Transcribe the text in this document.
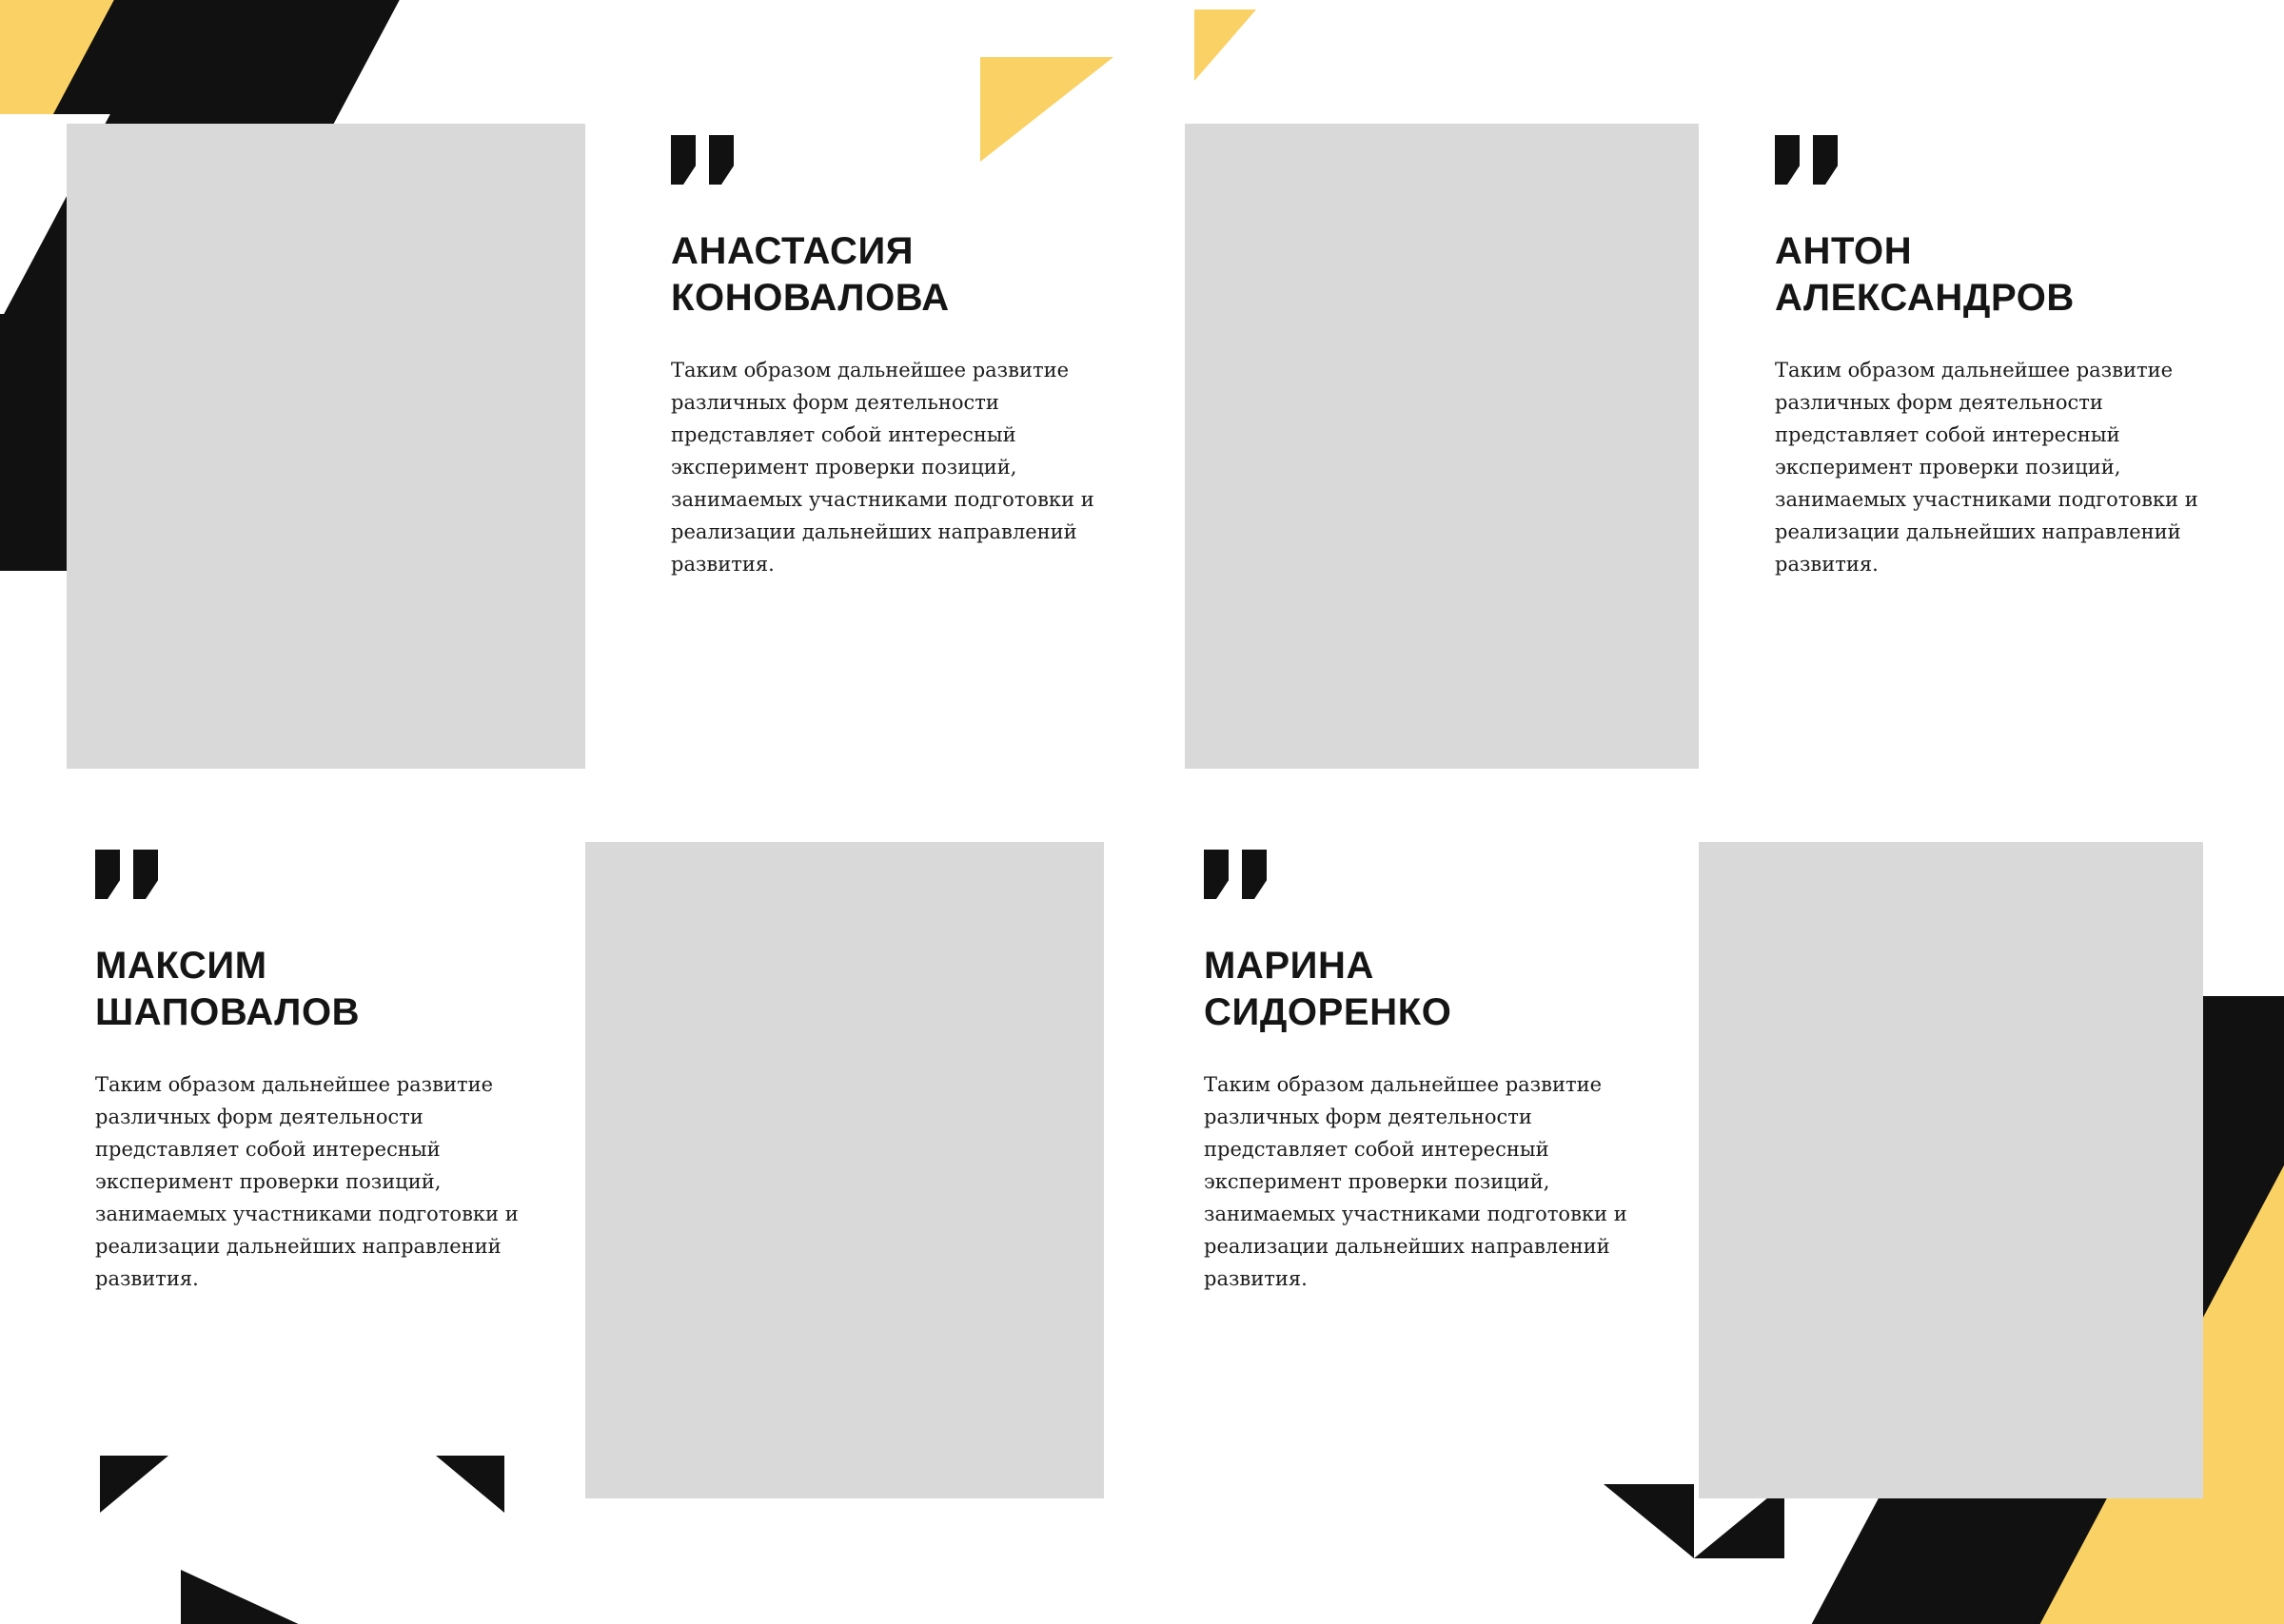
АНАСТАСИЯ
КОНОВАЛОВА

Таким образом дальнейшее развитие различных форм деятельности представляет собой интересный эксперимент проверки позиций, занимаемых участниками подготовки и реализации дальнейших направлений развития.

АНТОН
АЛЕКСАНДРОВ

Таким образом дальнейшее развитие различных форм деятельности представляет собой интересный эксперимент проверки позиций, занимаемых участниками подготовки и реализации дальнейших направлений развития.

МАКСИМ
ШАПОВАЛОВ

Таким образом дальнейшее развитие различных форм деятельности представляет собой интересный эксперимент проверки позиций, занимаемых участниками подготовки и реализации дальнейших направлений развития.

МАРИНА
СИДОРЕНКО

Таким образом дальнейшее развитие различных форм деятельности представляет собой интересный эксперимент проверки позиций, занимаемых участниками подготовки и реализации дальнейших направлений развития.
